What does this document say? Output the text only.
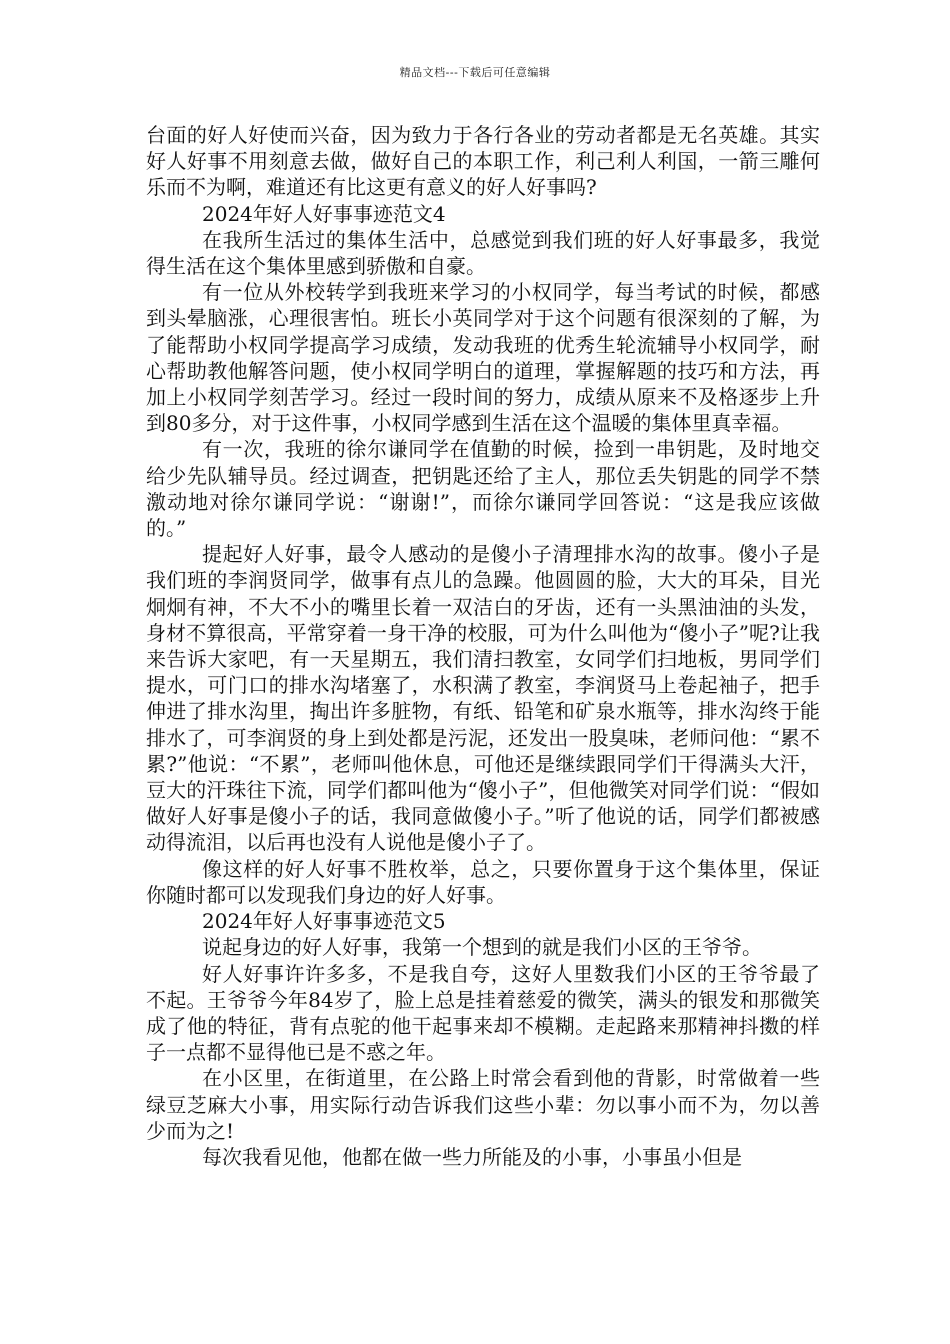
精品文档---下载后可任意编辑

台面的好人好使而兴奋，因为致力于各行各业的劳动者都是无名英雄。其实好人好事不用刻意去做，做好自己的本职工作，利己利人利国，一箭三雕何乐而不为啊，难道还有比这更有意义的好人好事吗?

2024年好人好事事迹范文4

在我所生活过的集体生活中，总感觉到我们班的好人好事最多，我觉得生活在这个集体里感到骄傲和自豪。

有一位从外校转学到我班来学习的小权同学，每当考试的时候，都感到头晕脑涨，心理很害怕。班长小英同学对于这个问题有很深刻的了解，为了能帮助小权同学提高学习成绩，发动我班的优秀生轮流辅导小权同学，耐心帮助教他解答问题，使小权同学明白的道理，掌握解题的技巧和方法，再加上小权同学刻苦学习。经过一段时间的努力，成绩从原来不及格逐步上升到80多分，对于这件事，小权同学感到生活在这个温暖的集体里真幸福。

有一次，我班的徐尔谦同学在值勤的时候，捡到一串钥匙，及时地交给少先队辅导员。经过调查，把钥匙还给了主人，那位丢失钥匙的同学不禁激动地对徐尔谦同学说：“谢谢!”，而徐尔谦同学回答说：“这是我应该做的。”

提起好人好事，最令人感动的是傻小子清理排水沟的故事。傻小子是我们班的李润贤同学，做事有点儿的急躁。他圆圆的脸，大大的耳朵，目光炯炯有神，不大不小的嘴里长着一双洁白的牙齿，还有一头黑油油的头发，身材不算很高，平常穿着一身干净的校服，可为什么叫他为“傻小子”呢?让我来告诉大家吧，有一天星期五，我们清扫教室，女同学们扫地板，男同学们提水，可门口的排水沟堵塞了，水积满了教室，李润贤马上卷起袖子，把手伸进了排水沟里，掏出许多脏物，有纸、铅笔和矿泉水瓶等，排水沟终于能排水了，可李润贤的身上到处都是污泥，还发出一股臭味，老师问他：“累不累?”他说：“不累”，老师叫他休息，可他还是继续跟同学们干得满头大汗，豆大的汗珠往下流，同学们都叫他为“傻小子”，但他微笑对同学们说：“假如做好人好事是傻小子的话，我同意做傻小子。”听了他说的话，同学们都被感动得流泪，以后再也没有人说他是傻小子了。

像这样的好人好事不胜枚举，总之，只要你置身于这个集体里，保证你随时都可以发现我们身边的好人好事。

2024年好人好事事迹范文5

说起身边的好人好事，我第一个想到的就是我们小区的王爷爷。

好人好事许许多多，不是我自夸，这好人里数我们小区的王爷爷最了不起。王爷爷今年84岁了，脸上总是挂着慈爱的微笑，满头的银发和那微笑成了他的特征，背有点驼的他干起事来却不模糊。走起路来那精神抖擞的样子一点都不显得他已是不惑之年。

在小区里，在街道里，在公路上时常会看到他的背影，时常做着一些绿豆芝麻大小事，用实际行动告诉我们这些小辈：勿以事小而不为，勿以善少而为之!

每次我看见他，他都在做一些力所能及的小事，小事虽小但是
